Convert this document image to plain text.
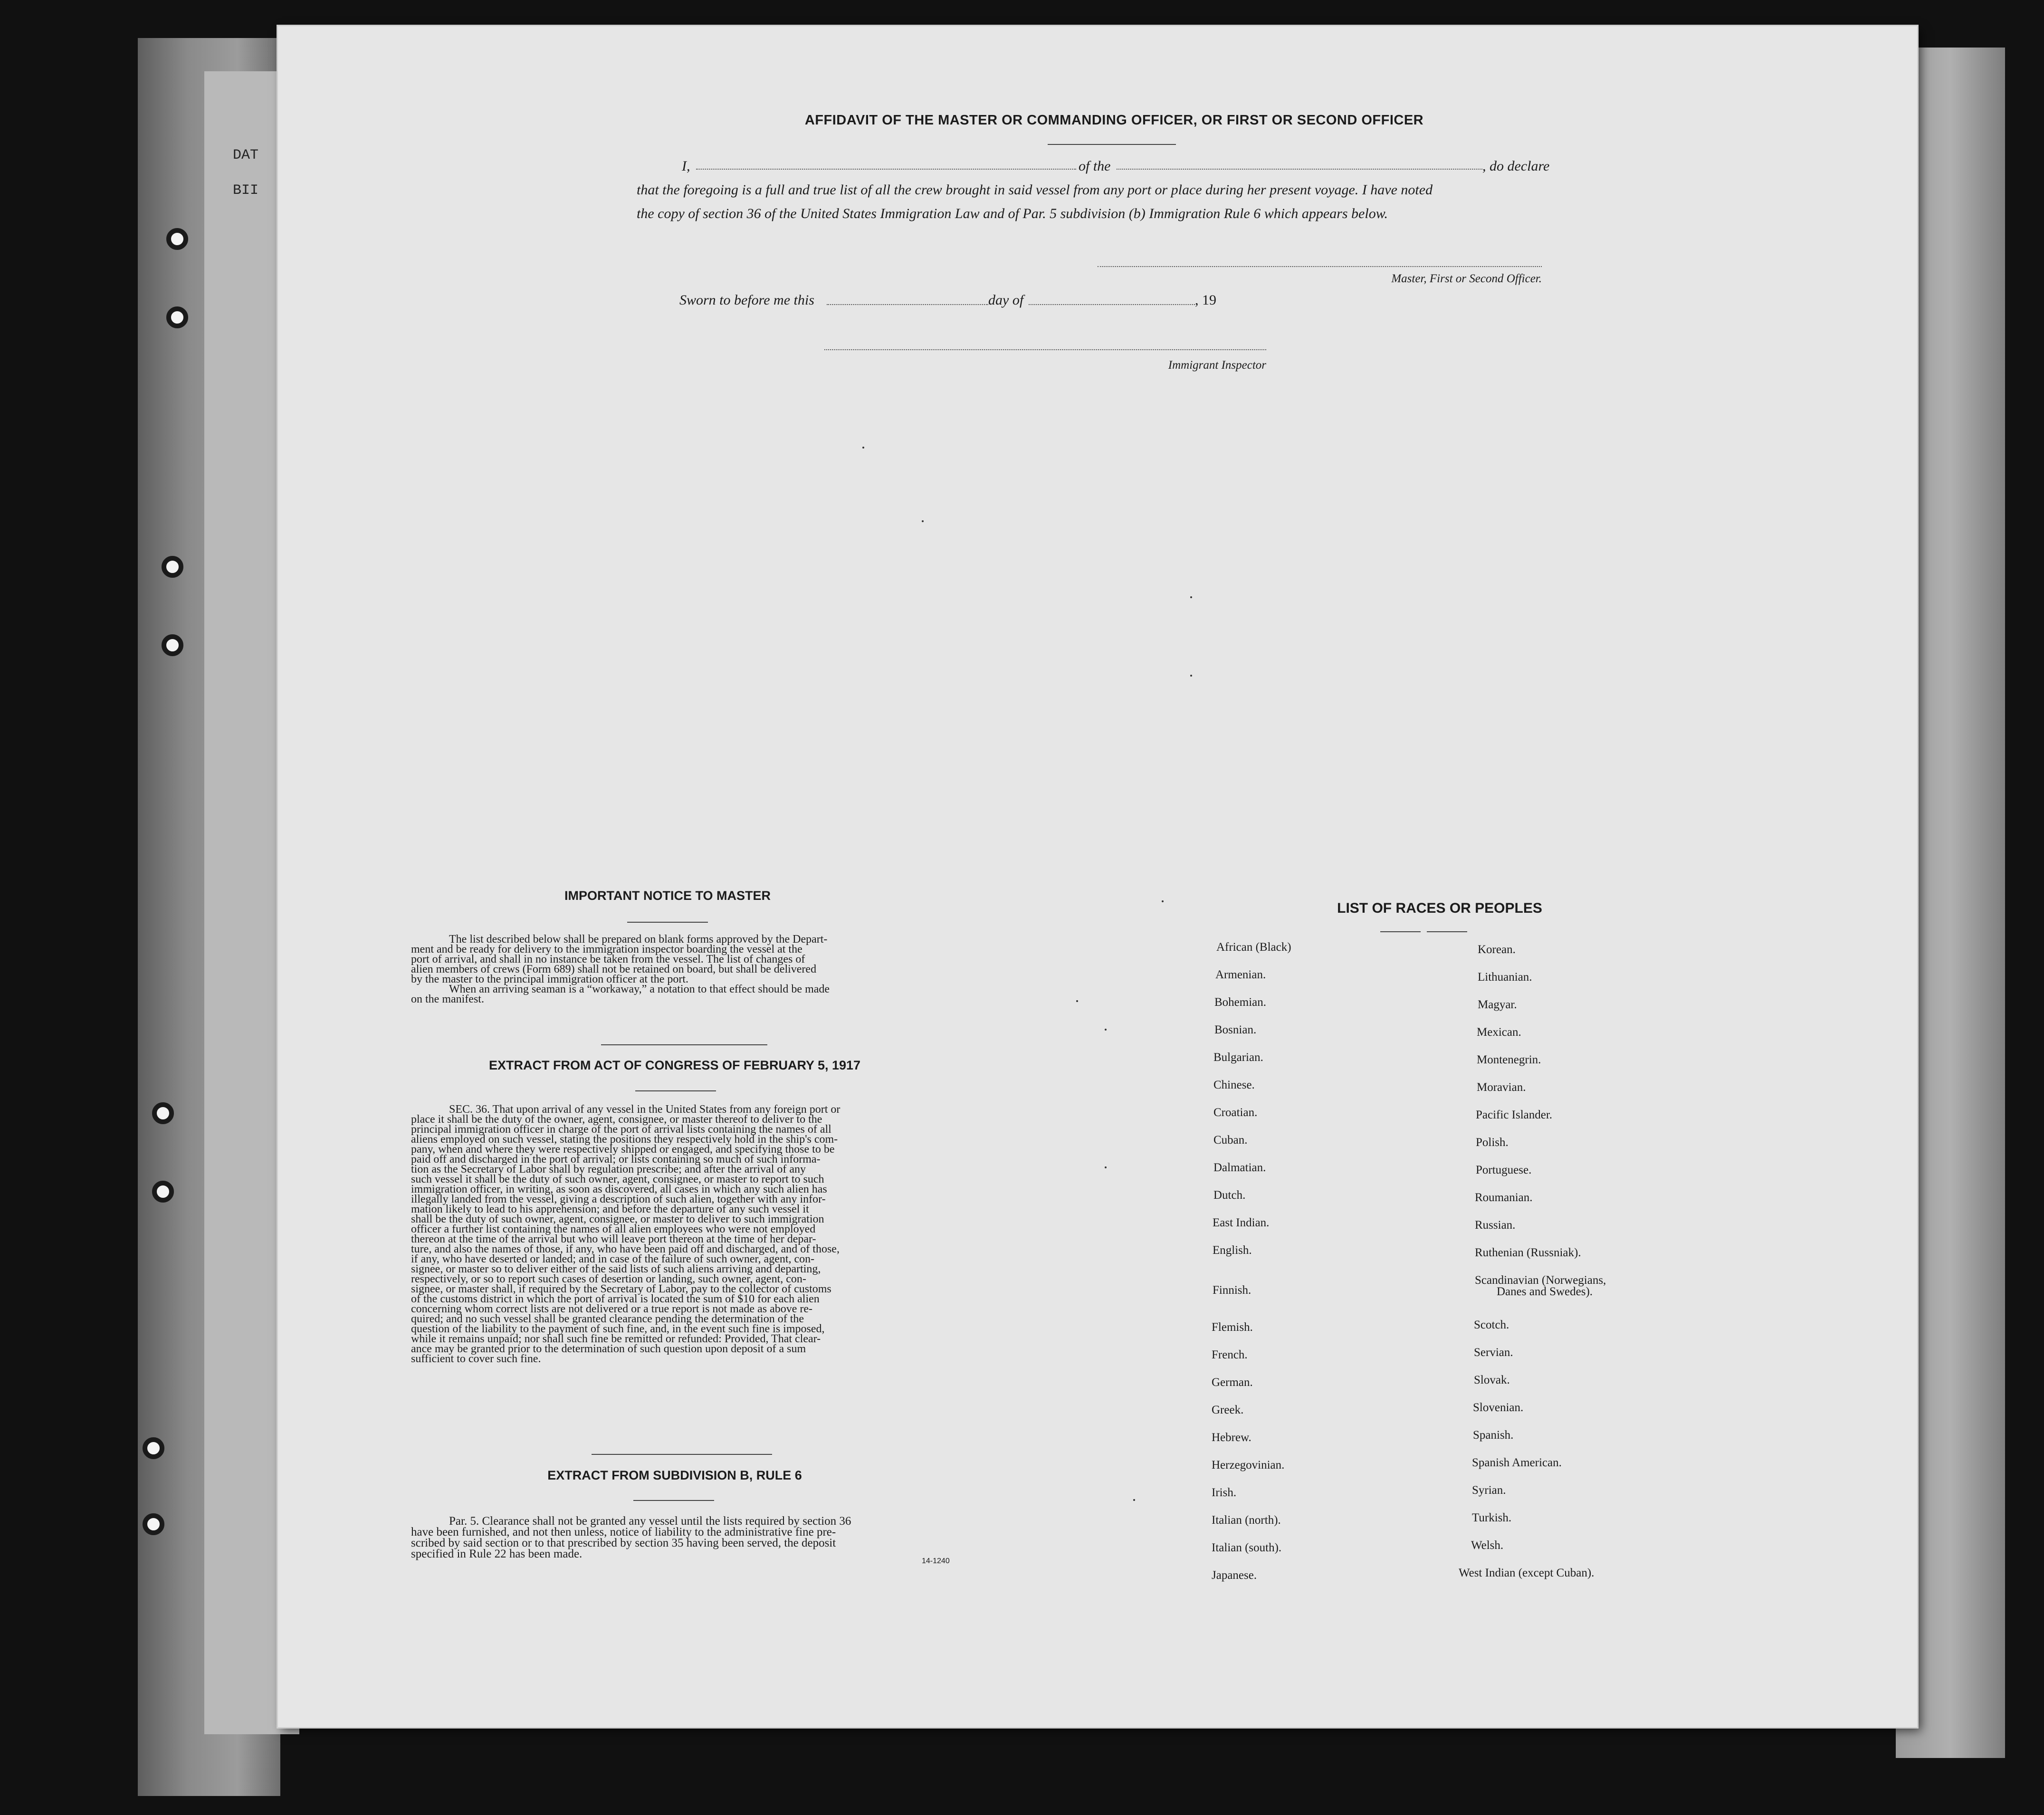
DAT
BII
AFFIDAVIT OF THE MASTER OR COMMANDING OFFICER, OR FIRST OR SECOND OFFICER
I,	of the	, do declare
that the foregoing is a full and true list of all the crew brought in said vessel from any port or place during her present voyage. I have noted
the copy of section 36 of the United States Immigration Law and of Par. 5 subdivision (b) Immigration Rule 6 which appears below.
Master, First or Second Officer.
Sworn to before me this	day of	, 19
Immigrant Inspector
IMPORTANT NOTICE TO MASTER
The list described below shall be prepared on blank forms approved by the Depart-
ment and be ready for delivery to the immigration inspector boarding the vessel at the
port of arrival, and shall in no instance be taken from the vessel. The list of changes of
alien members of crews (Form 689) shall not be retained on board, but shall be delivered
by the master to the principal immigration officer at the port.
When an arriving seaman is a “workaway,” a notation to that effect should be made
on the manifest.
EXTRACT FROM ACT OF CONGRESS OF FEBRUARY 5, 1917
SEC. 36. That upon arrival of any vessel in the United States from any foreign port or
place it shall be the duty of the owner, agent, consignee, or master thereof to deliver to the
principal immigration officer in charge of the port of arrival lists containing the names of all
aliens employed on such vessel, stating the positions they respectively hold in the ship's com-
pany, when and where they were respectively shipped or engaged, and specifying those to be
paid off and discharged in the port of arrival; or lists containing so much of such informa-
tion as the Secretary of Labor shall by regulation prescribe; and after the arrival of any
such vessel it shall be the duty of such owner, agent, consignee, or master to report to such
immigration officer, in writing, as soon as discovered, all cases in which any such alien has
illegally landed from the vessel, giving a description of such alien, together with any infor-
mation likely to lead to his apprehension; and before the departure of any such vessel it
shall be the duty of such owner, agent, consignee, or master to deliver to such immigration
officer a further list containing the names of all alien employees who were not employed
thereon at the time of the arrival but who will leave port thereon at the time of her depar-
ture, and also the names of those, if any, who have been paid off and discharged, and of those,
if any, who have deserted or landed; and in case of the failure of such owner, agent, con-
signee, or master so to deliver either of the said lists of such aliens arriving and departing,
respectively, or so to report such cases of desertion or landing, such owner, agent, con-
signee, or master shall, if required by the Secretary of Labor, pay to the collector of customs
of the customs district in which the port of arrival is located the sum of $10 for each alien
concerning whom correct lists are not delivered or a true report is not made as above re-
quired; and no such vessel shall be granted clearance pending the determination of the
question of the liability to the payment of such fine, and, in the event such fine is imposed,
while it remains unpaid; nor shall such fine be remitted or refunded: Provided, That clear-
ance may be granted prior to the determination of such question upon deposit of a sum
sufficient to cover such fine.
EXTRACT FROM SUBDIVISION B, RULE 6
Par. 5. Clearance shall not be granted any vessel until the lists required by section 36
have been furnished, and not then unless, notice of liability to the administrative fine pre-
scribed by said section or to that prescribed by section 35 having been served, the deposit
specified in Rule 22 has been made.
14-1240
LIST OF RACES OR PEOPLES
African (Black)
Armenian.
Bohemian.
Bosnian.
Bulgarian.
Chinese.
Croatian.
Cuban.
Dalmatian.
Dutch.
East Indian.
English.
Finnish.
Flemish.
French.
German.
Greek.
Hebrew.
Herzegovinian.
Irish.
Italian (north).
Italian (south).
Japanese.
Korean.
Lithuanian.
Magyar.
Mexican.
Montenegrin.
Moravian.
Pacific Islander.
Polish.
Portuguese.
Roumanian.
Russian.
Ruthenian (Russniak).
Scandinavian (Norwegians,
Danes and Swedes).
Scotch.
Servian.
Slovak.
Slovenian.
Spanish.
Spanish American.
Syrian.
Turkish.
Welsh.
West Indian (except Cuban).
